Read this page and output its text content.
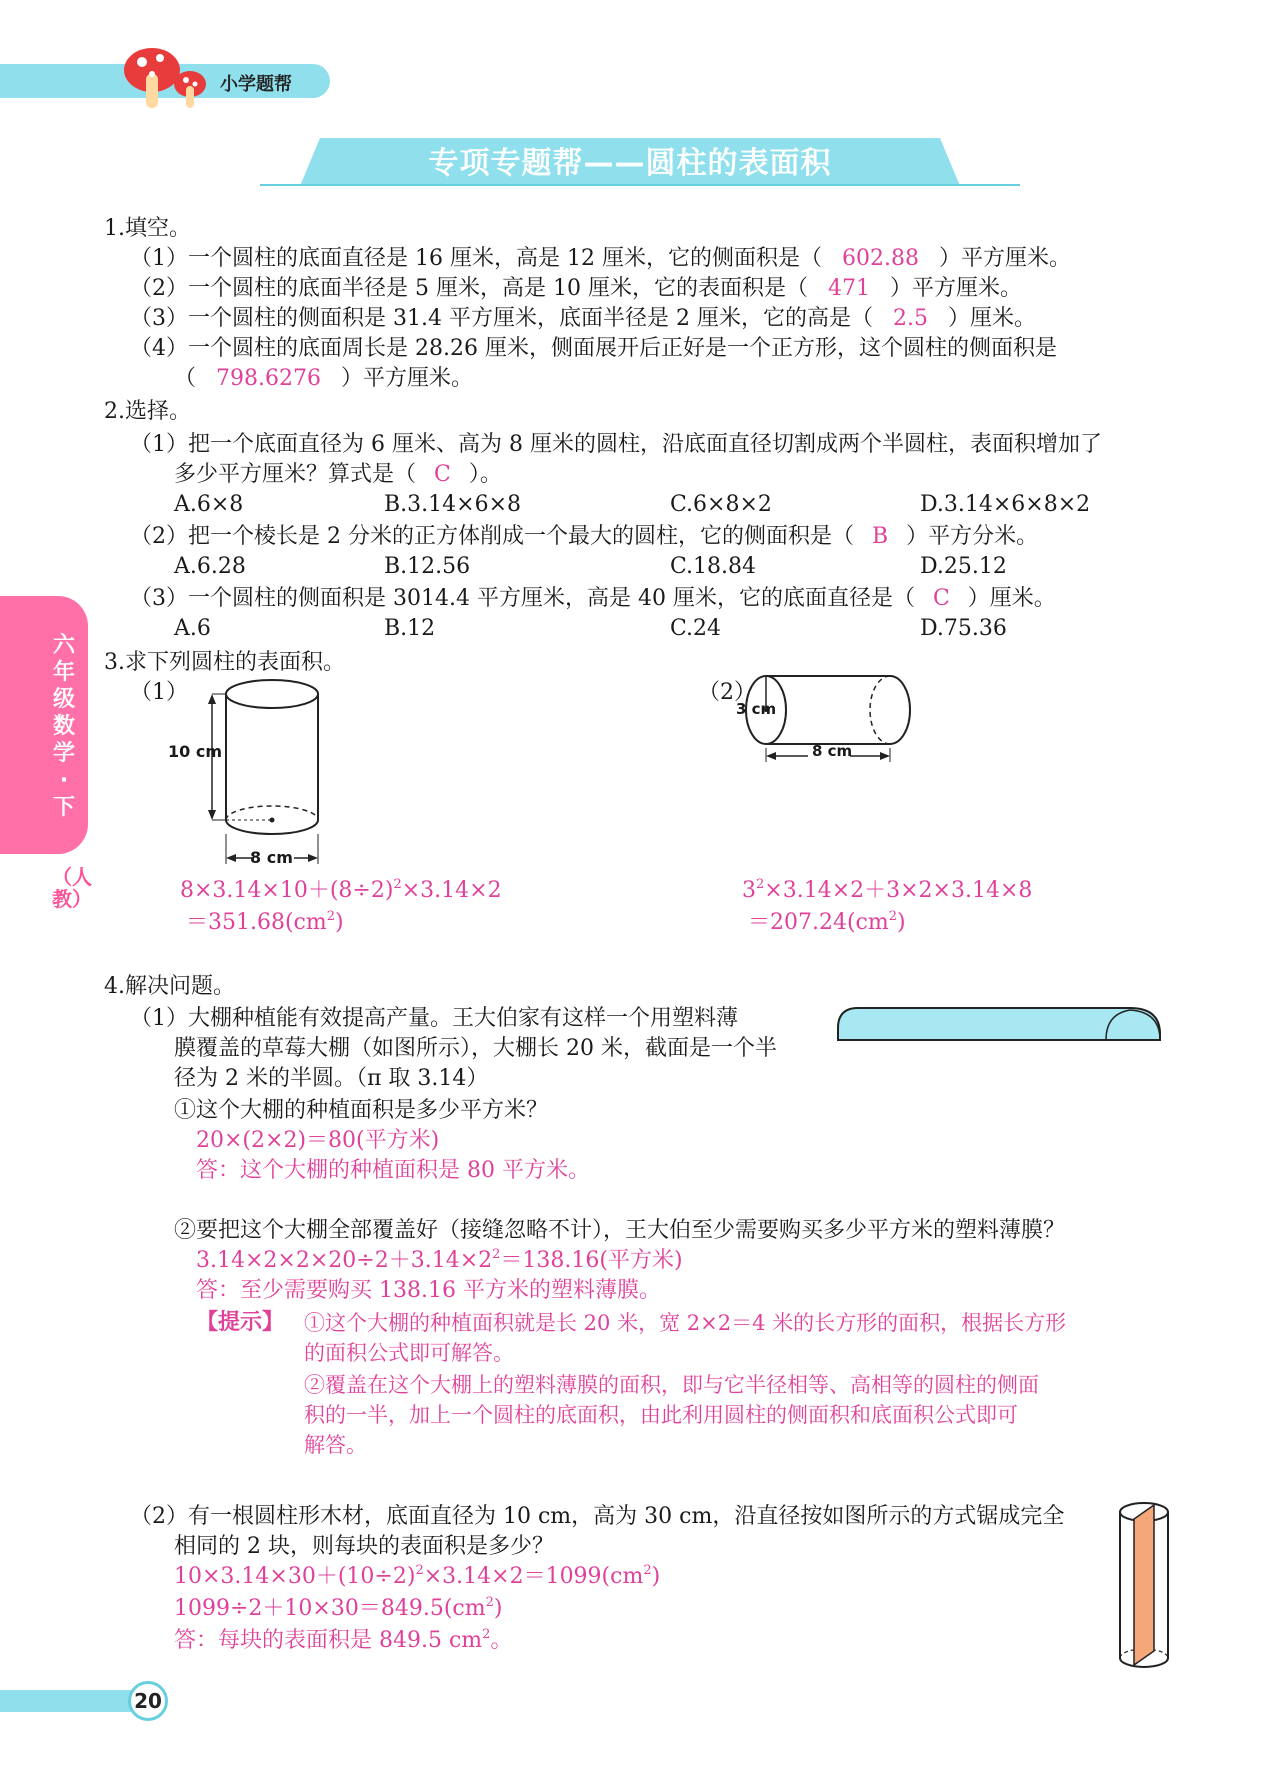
小学题帮
专项专题帮——圆柱的表面积
六年级数学·下
（人教）
1.填空。
（1）一个圆柱的底面直径是 16 厘米，高是 12 厘米，它的侧面积是（ 602.88 ）平方厘米。
（2）一个圆柱的底面半径是 5 厘米，高是 10 厘米，它的表面积是（ 471 ）平方厘米。
（3）一个圆柱的侧面积是 31.4 平方厘米，底面半径是 2 厘米，它的高是（ 2.5 ）厘米。
（4）一个圆柱的底面周长是 28.26 厘米，侧面展开后正好是一个正方形，这个圆柱的侧面积是
（ 798.6276 ）平方厘米。
2.选择。
（1）把一个底面直径为 6 厘米、高为 8 厘米的圆柱，沿底面直径切割成两个半圆柱，表面积增加了
多少平方厘米？算式是（ C ）。
A.6×8	B.3.14×6×8	C.6×8×2	D.3.14×6×8×2
（2）把一个棱长是 2 分米的正方体削成一个最大的圆柱，它的侧面积是（ B ）平方分米。
A.6.28	B.12.56	C.18.84	D.25.12
（3）一个圆柱的侧面积是 3014.4 平方厘米，高是 40 厘米，它的底面直径是（ C ）厘米。
A.6	B.12	C.24	D.75.36
3.求下列圆柱的表面积。
（1）	（2）
10 cm
8 cm
3 cm
8 cm
$8\times 3.14\times 10+(8\div 2)^2\times 3.14\times 2$
$=351.68(cm^2)$
$3^2\times 3.14\times 2+3\times 2\times 3.14\times 8$
$=207.24(cm^2)$
4.解决问题。
（1）大棚种植能有效提高产量。王大伯家有这样一个用塑料薄
膜覆盖的草莓大棚（如图所示），大棚长 20 米，截面是一个半
径为 2 米的半圆。（π 取 3.14）
①这个大棚的种植面积是多少平方米？
20×(2×2)＝80(平方米)
答：这个大棚的种植面积是 80 平方米。
②要把这个大棚全部覆盖好（接缝忽略不计），王大伯至少需要购买多少平方米的塑料薄膜？
$3.14\times 2\times 2\times 20\div 2+3.14\times 2^2=138.16$(平方米)
答：至少需要购买 138.16 平方米的塑料薄膜。
【提示】 ①这个大棚的种植面积就是长 20 米，宽 2×2＝4 米的长方形的面积，根据长方形
的面积公式即可解答。
②覆盖在这个大棚上的塑料薄膜的面积，即与它半径相等、高相等的圆柱的侧面
积的一半，加上一个圆柱的底面积，由此利用圆柱的侧面积和底面积公式即可
解答。
（2）有一根圆柱形木材，底面直径为 10 cm，高为 30 cm，沿直径按如图所示的方式锯成完全
相同的 2 块，则每块的表面积是多少？
$10\times 3.14\times 30+(10\div 2)^2\times 3.14\times 2=1099(cm^2)$
$1099\div 2+10\times 30=849.5(cm^2)$
答：每块的表面积是 849.5 $cm^2$。
20
